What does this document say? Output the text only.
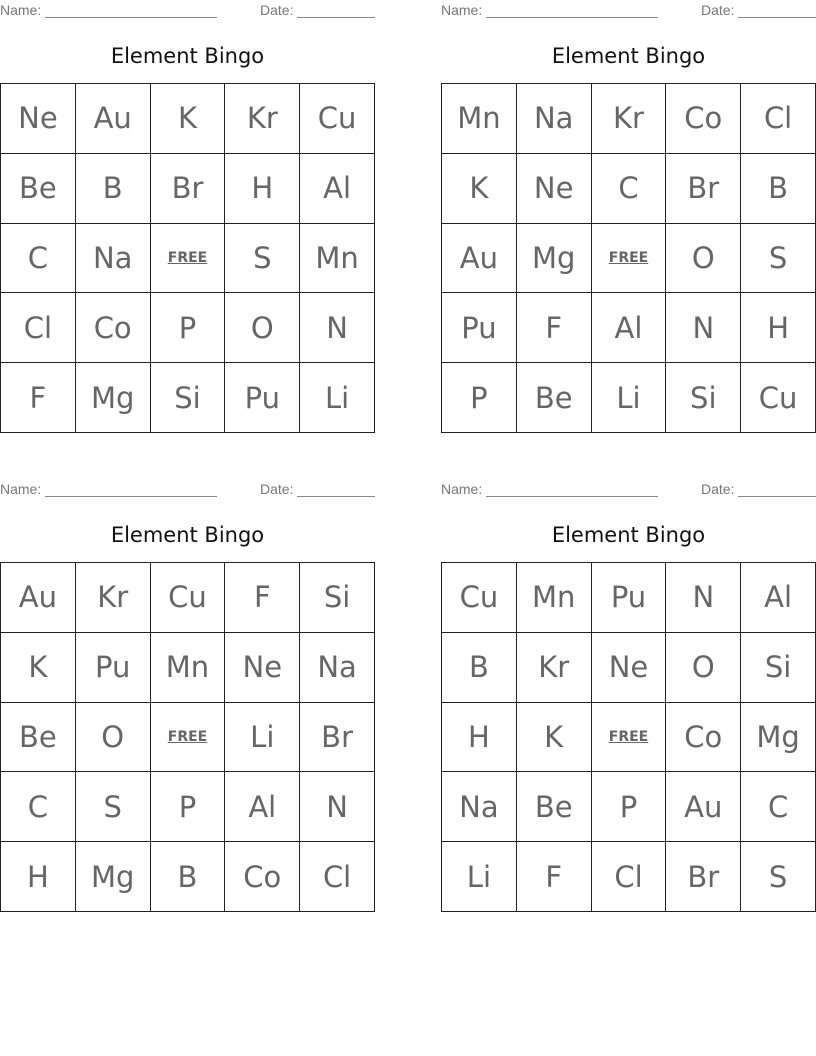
Name:	Date:
Element Bingo
Ne	Au	K	Kr	Cu
Be	B	Br	H	Al
C	Na	FREE	S	Mn
Cl	Co	P	O	N
F	Mg	Si	Pu	Li
Name:	Date:
Element Bingo
Mn	Na	Kr	Co	Cl
K	Ne	C	Br	B
Au	Mg	FREE	O	S
Pu	F	Al	N	H
P	Be	Li	Si	Cu
Name:	Date:
Element Bingo
Au	Kr	Cu	F	Si
K	Pu	Mn	Ne	Na
Be	O	FREE	Li	Br
C	S	P	Al	N
H	Mg	B	Co	Cl
Name:	Date:
Element Bingo
Cu	Mn	Pu	N	Al
B	Kr	Ne	O	Si
H	K	FREE	Co	Mg
Na	Be	P	Au	C
Li	F	Cl	Br	S
